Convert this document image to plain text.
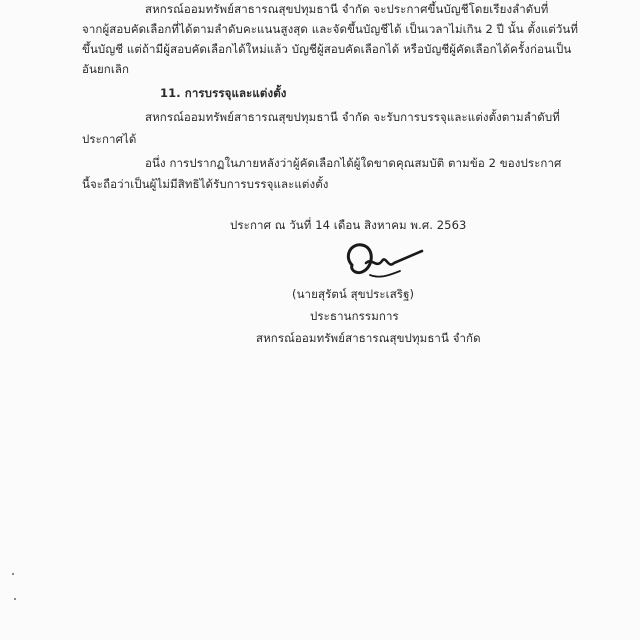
สหกรณ์ออมทรัพย์สาธารณสุขปทุมธานี จำกัด จะประกาศขึ้นบัญชีโดยเรียงลำดับที่
จากผู้สอบคัดเลือกที่ได้ตามลำดับคะแนนสูงสุด และจัดขึ้นบัญชีได้ เป็นเวลาไม่เกิน 2 ปี นั้น ตั้งแต่วันที่
ขึ้นบัญชี แต่ถ้ามีผู้สอบคัดเลือกได้ใหม่แล้ว บัญชีผู้สอบคัดเลือกได้ หรือบัญชีผู้คัดเลือกได้ครั้งก่อนเป็น
อันยกเลิก
11. การบรรจุและแต่งตั้ง
สหกรณ์ออมทรัพย์สาธารณสุขปทุมธานี จำกัด จะรับการบรรจุและแต่งตั้งตามลำดับที่
ประกาศได้
อนึ่ง การปรากฏในภายหลังว่าผู้คัดเลือกได้ผู้ใดขาดคุณสมบัติ ตามข้อ 2 ของประกาศ
นี้จะถือว่าเป็นผู้ไม่มีสิทธิได้รับการบรรจุและแต่งตั้ง
ประกาศ ณ วันที่ 14 เดือน สิงหาคม พ.ศ. 2563
(นายสุรัตน์ สุขประเสริฐ)
ประธานกรรมการ
สหกรณ์ออมทรัพย์สาธารณสุขปทุมธานี จำกัด
